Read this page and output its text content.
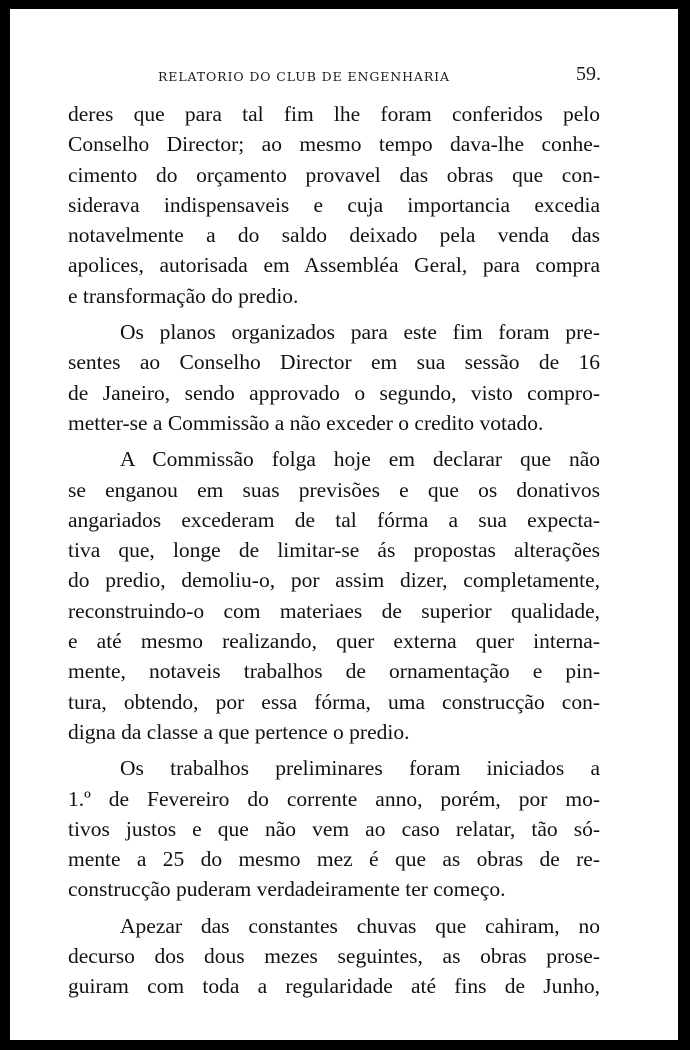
RELATORIO DO CLUB DE ENGENHARIA	59.

deres que para tal fim lhe foram conferidos pelo
Conselho Director; ao mesmo tempo dava-lhe conhe-
cimento do orçamento provavel das obras que con-
siderava indispensaveis e cuja importancia excedia
notavelmente a do saldo deixado pela venda das
apolices, autorisada em Assembléa Geral, para compra
e transformação do predio.

Os planos organizados para este fim foram pre-
sentes ao Conselho Director em sua sessão de 16
de Janeiro, sendo approvado o segundo, visto compro-
metter-se a Commissão a não exceder o credito votado.

A Commissão folga hoje em declarar que não
se enganou em suas previsões e que os donativos
angariados excederam de tal fórma a sua expecta-
tiva que, longe de limitar-se ás propostas alterações
do predio, demoliu-o, por assim dizer, completamente,
reconstruindo-o com materiaes de superior qualidade,
e até mesmo realizando, quer externa quer interna-
mente, notaveis trabalhos de ornamentação e pin-
tura, obtendo, por essa fórma, uma construcção con-
digna da classe a que pertence o predio.

Os trabalhos preliminares foram iniciados a
1.º de Fevereiro do corrente anno, porém, por mo-
tivos justos e que não vem ao caso relatar, tão só-
mente a 25 do mesmo mez é que as obras de re-
construcção puderam verdadeiramente ter começo.

Apezar das constantes chuvas que cahiram, no
decurso dos dous mezes seguintes, as obras prose-
guiram com toda a regularidade até fins de Junho,
